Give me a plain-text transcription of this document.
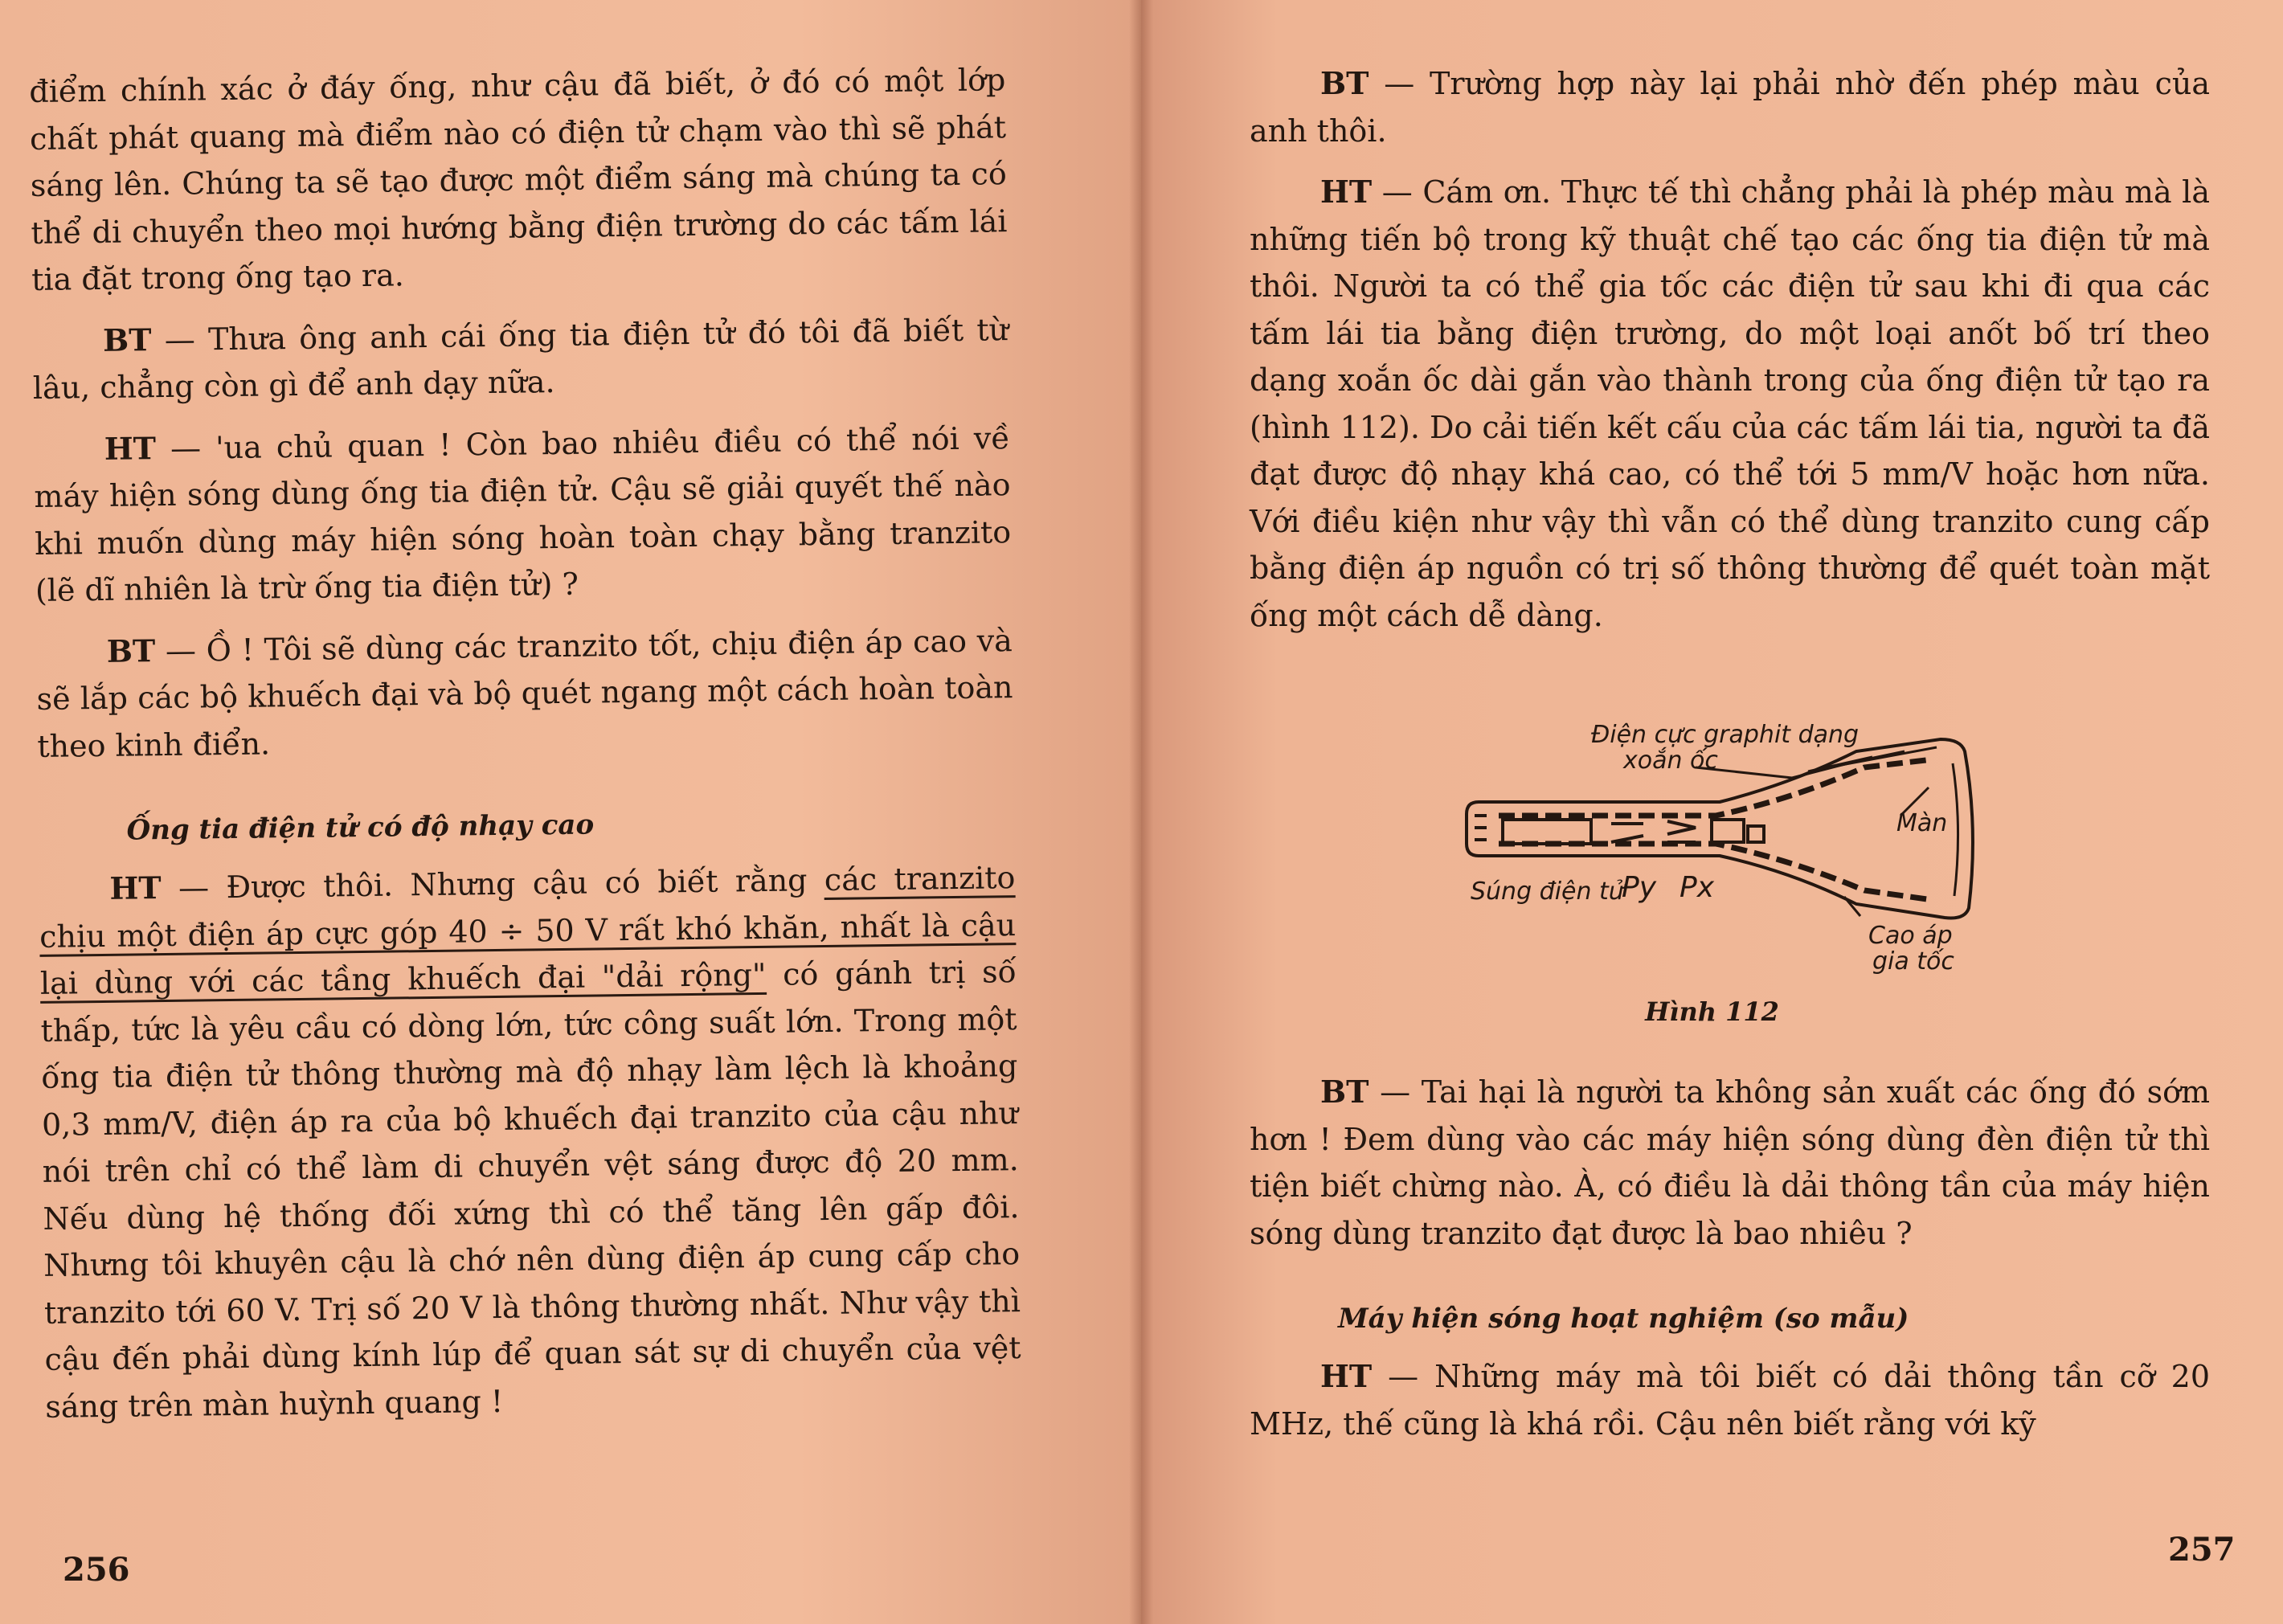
điểm chính xác ở đáy ống, như cậu đã biết, ở đó có một lớp chất phát quang mà điểm nào có điện tử chạm vào thì sẽ phát sáng lên. Chúng ta sẽ tạo được một điểm sáng mà chúng ta có thể di chuyển theo mọi hướng bằng điện trường do các tấm lái tia đặt trong ống tạo ra.

BT — Thưa ông anh cái ống tia điện tử đó tôi đã biết từ lâu, chẳng còn gì để anh dạy nữa.

HT — 'ua chủ quan ! Còn bao nhiêu điều có thể nói về máy hiện sóng dùng ống tia điện tử. Cậu sẽ giải quyết thế nào khi muốn dùng máy hiện sóng hoàn toàn chạy bằng tranzito (lẽ dĩ nhiên là trừ ống tia điện tử) ?

BT — Ồ ! Tôi sẽ dùng các tranzito tốt, chịu điện áp cao và sẽ lắp các bộ khuếch đại và bộ quét ngang một cách hoàn toàn theo kinh điển.

Ống tia điện tử có độ nhạy cao

HT — Được thôi. Nhưng cậu có biết rằng các tranzito chịu một điện áp cực góp 40 ÷ 50 V rất khó khăn, nhất là cậu lại dùng với các tầng khuếch đại "dải rộng" có gánh trị số thấp, tức là yêu cầu có dòng lớn, tức công suất lớn. Trong một ống tia điện tử thông thường mà độ nhạy làm lệch là khoảng 0,3 mm/V, điện áp ra của bộ khuếch đại tranzito của cậu như nói trên chỉ có thể làm di chuyển vệt sáng được độ 20 mm. Nếu dùng hệ thống đối xứng thì có thể tăng lên gấp đôi. Nhưng tôi khuyên cậu là chớ nên dùng điện áp cung cấp cho tranzito tới 60 V. Trị số 20 V là thông thường nhất. Như vậy thì cậu đến phải dùng kính lúp để quan sát sự di chuyển của vệt sáng trên màn huỳnh quang !

256

BT — Trường hợp này lại phải nhờ đến phép màu của anh thôi.

HT — Cám ơn. Thực tế thì chẳng phải là phép màu mà là những tiến bộ trong kỹ thuật chế tạo các ống tia điện tử mà thôi. Người ta có thể gia tốc các điện tử sau khi đi qua các tấm lái tia bằng điện trường, do một loại anốt bố trí theo dạng xoắn ốc dài gắn vào thành trong của ống điện tử tạo ra (hình 112). Do cải tiến kết cấu của các tấm lái tia, người ta đã đạt được độ nhạy khá cao, có thể tới 5 mm/V hoặc hơn nữa. Với điều kiện như vậy thì vẫn có thể dùng tranzito cung cấp bằng điện áp nguồn có trị số thông thường để quét toàn mặt ống một cách dễ dàng.

Điện cực graphit dạng
xoắn ốc
Màn
Súng điện tử
Py Px
Cao áp
gia tốc
Hình 112

BT — Tai hại là người ta không sản xuất các ống đó sớm hơn ! Đem dùng vào các máy hiện sóng dùng đèn điện tử thì tiện biết chừng nào. À, có điều là dải thông tần của máy hiện sóng dùng tranzito đạt được là bao nhiêu ?

Máy hiện sóng hoạt nghiệm (so mẫu)

HT — Những máy mà tôi biết có dải thông tần cỡ 20 MHz, thế cũng là khá rồi. Cậu nên biết rằng với kỹ

257
